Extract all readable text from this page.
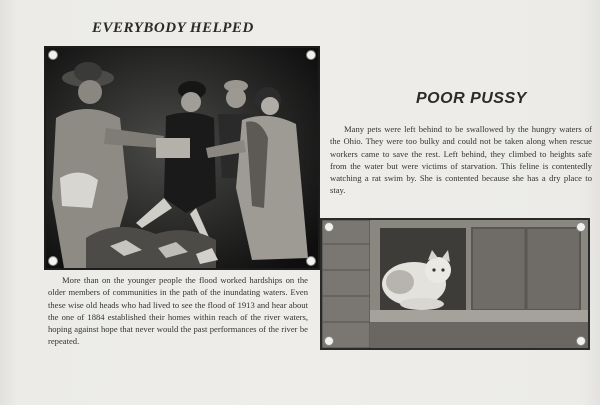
EVERYBODY HELPED

More than on the younger people the flood worked hardships on the older members of communities in the path of the inundating waters. Even these wise old heads who had lived to see the flood of 1913 and hear about the one of 1884 established their homes within reach of the river waters, hoping against hope that never would the past performances of the river be repeated.

POOR PUSSY

Many pets were left behind to be swallowed by the hungry waters of the Ohio. They were too bulky and could not be taken along when rescue workers came to save the rest. Left behind, they climbed to heights safe from the water but were victims of starvation. This feline is contentedly watching a rat swim by. She is contented because she has a dry place to stay.
